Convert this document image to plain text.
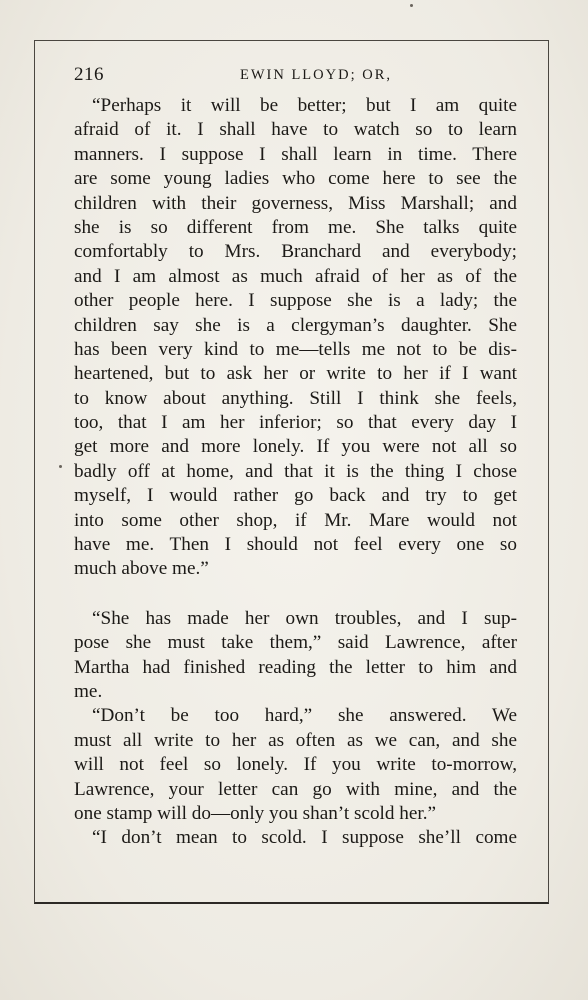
216	EWIN LLOYD; OR,
“Perhaps it will be better; but I am quite
afraid of it. I shall have to watch so to learn
manners. I suppose I shall learn in time. There
are some young ladies who come here to see the
children with their governess, Miss Marshall; and
she is so different from me. She talks quite
comfortably to Mrs. Branchard and everybody;
and I am almost as much afraid of her as of the
other people here. I suppose she is a lady; the
children say she is a clergyman’s daughter. She
has been very kind to me—tells me not to be dis-
heartened, but to ask her or write to her if I want
to know about anything. Still I think she feels,
too, that I am her inferior; so that every day I
get more and more lonely. If you were not all so
badly off at home, and that it is the thing I chose
myself, I would rather go back and try to get
into some other shop, if Mr. Mare would not
have me. Then I should not feel every one so
much above me.”
“She has made her own troubles, and I sup-
pose she must take them,” said Lawrence, after
Martha had finished reading the letter to him and
me.
“Don’t be too hard,” she answered. We
must all write to her as often as we can, and she
will not feel so lonely. If you write to-morrow,
Lawrence, your letter can go with mine, and the
one stamp will do—only you shan’t scold her.”
“I don’t mean to scold. I suppose she’ll come
